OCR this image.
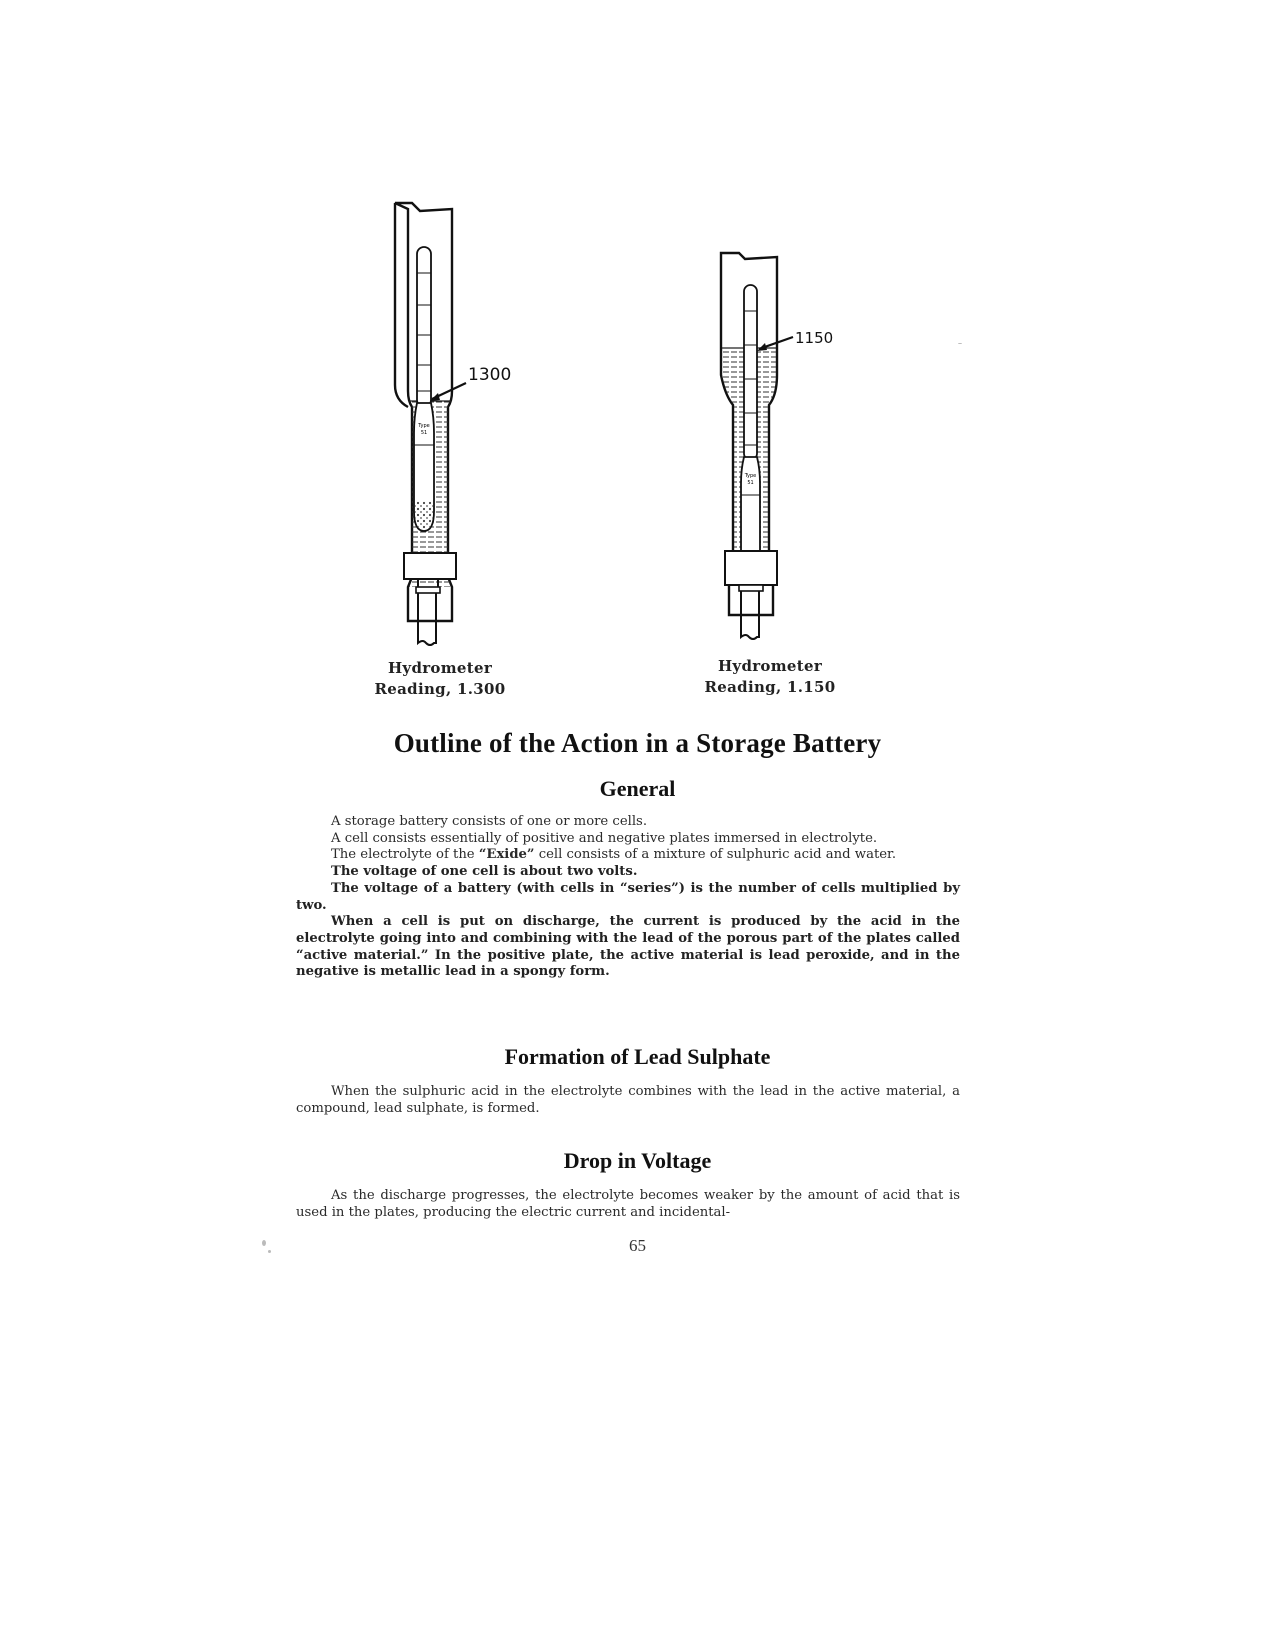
Type
51
1300
Type
51
1150
Hydrometer
Reading, 1.300
Hydrometer
Reading, 1.150
Outline of the Action in a Storage Battery
General

A storage battery consists of one or more cells.

A cell consists essentially of positive and negative plates immersed in electrolyte.

The electrolyte of the “Exide” cell consists of a mixture of sulphuric acid and water.

The voltage of one cell is about two volts.

The voltage of a battery (with cells in “series”) is the number of cells multiplied by two.

When a cell is put on discharge, the current is produced by the acid in the electrolyte going into and combining with the lead of the porous part of the plates called “active material.” In the positive plate, the active material is lead peroxide, and in the negative is metallic lead in a spongy form.

Formation of Lead Sulphate

When the sulphuric acid in the electrolyte combines with the lead in the active material, a compound, lead sulphate, is formed.

Drop in Voltage

As the discharge progresses, the electrolyte becomes weaker by the amount of acid that is used in the plates, producing the electric current and incidental-

65
